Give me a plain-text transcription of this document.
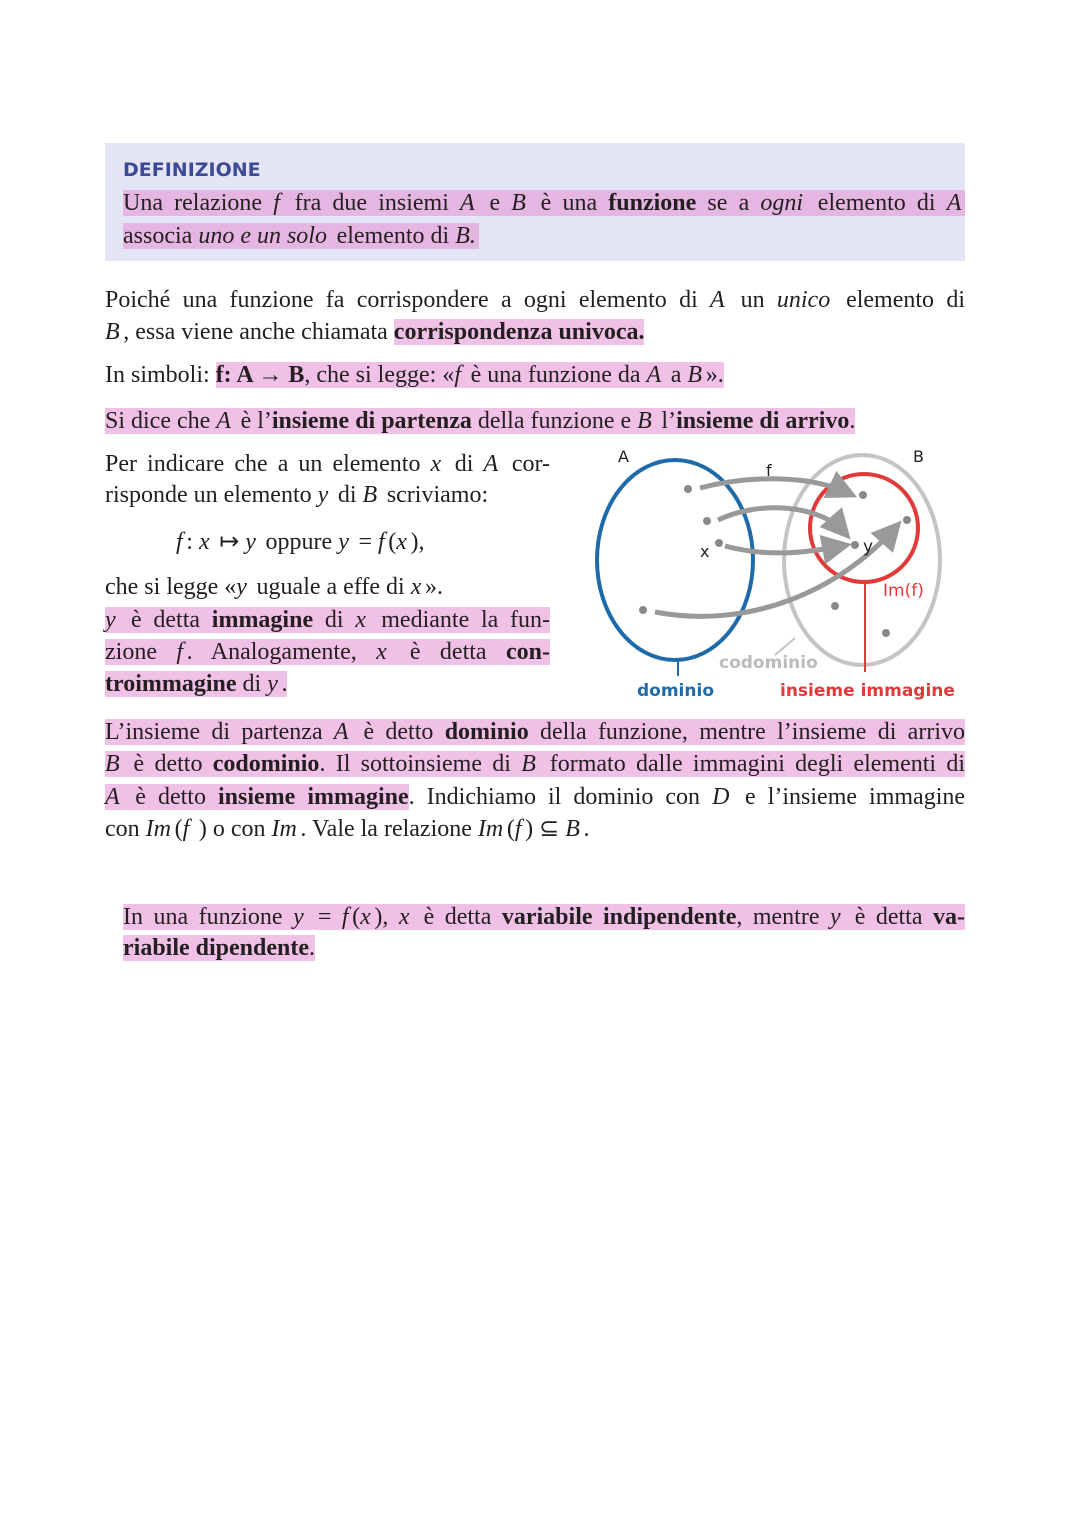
DEFINIZIONE
Una relazione f fra due insiemi A e B è una funzione se a ogni elemento di A
associa uno e un solo elemento di B.
Poiché una funzione fa corrispondere a ogni elemento di A un unico elemento di
B , essa viene anche chiamata corrispondenza univoca.
In simboli: f: A → B, che si legge: «f è una funzione da A a B ».
Si dice che A è l’insieme di partenza della funzione e B l’insieme di arrivo.
Per indicare che a un elemento x di A cor-
risponde un elemento y di B scriviamo:
f : x ↦ y oppure y = f (x ),
che si legge «y uguale a effe di x ».
y è detta immagine di x mediante la fun-
zione f . Analogamente, x è detta con-
troimmagine di y .
L’insieme di partenza A è detto dominio della funzione, mentre l’insieme di arrivo
B è detto codominio. Il sottoinsieme di B formato dalle immagini degli elementi di
A è detto insieme immagine. Indichiamo il dominio con D e l’insieme immagine
con Im (f ) o con Im . Vale la relazione Im (f ) ⊆ B .
In una funzione y = f (x ), x è detta variabile indipendente, mentre y è detta va-
riabile dipendente.
A	B
f
x	y
Im(f)
codominio
dominio	insieme immagine
